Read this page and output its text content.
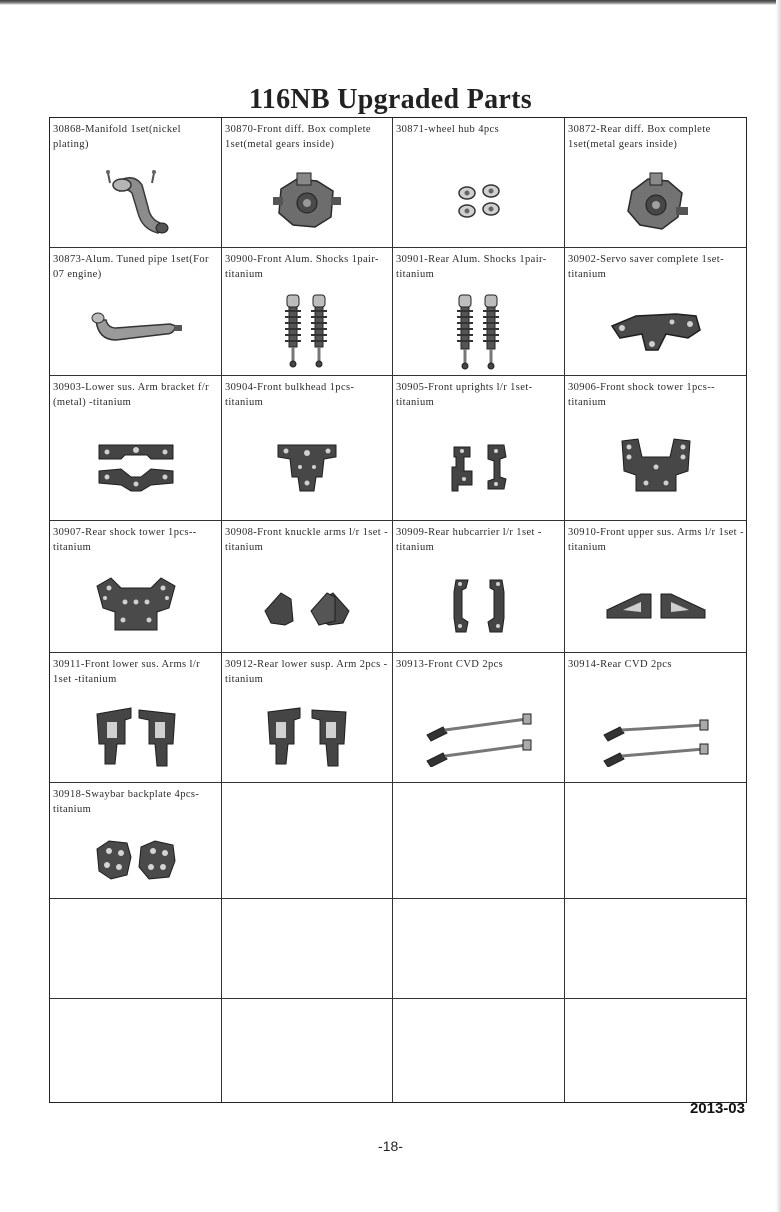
116NB Upgraded Parts
30868-Manifold 1set(nickel plating)
30870-Front diff. Box complete 1set(metal gears inside)
30871-wheel hub 4pcs	30872-Rear diff. Box complete 1set(metal gears inside)
30873-Alum. Tuned pipe 1set(For 07 engine)
30900-Front Alum. Shocks 1pair-titanium
30901-Rear Alum. Shocks 1pair-titanium
30902-Servo saver complete 1set-titanium
30903-Lower sus. Arm bracket f/r (metal) -titanium
30904-Front bulkhead 1pcs-titanium
30905-Front uprights l/r 1set-titanium
30906-Front shock tower 1pcs--titanium
30907-Rear shock tower 1pcs--titanium
30908-Front knuckle arms l/r 1set -titanium
30909-Rear hubcarrier l/r 1set -titanium
30910-Front upper sus. Arms l/r 1set -titanium
30911-Front lower sus. Arms l/r 1set -titanium
30912-Rear lower susp. Arm 2pcs -titanium
30913-Front CVD 2pcs	30914-Rear CVD 2pcs
30918-Swaybar backplate 4pcs-titanium
2013-03
-18-
